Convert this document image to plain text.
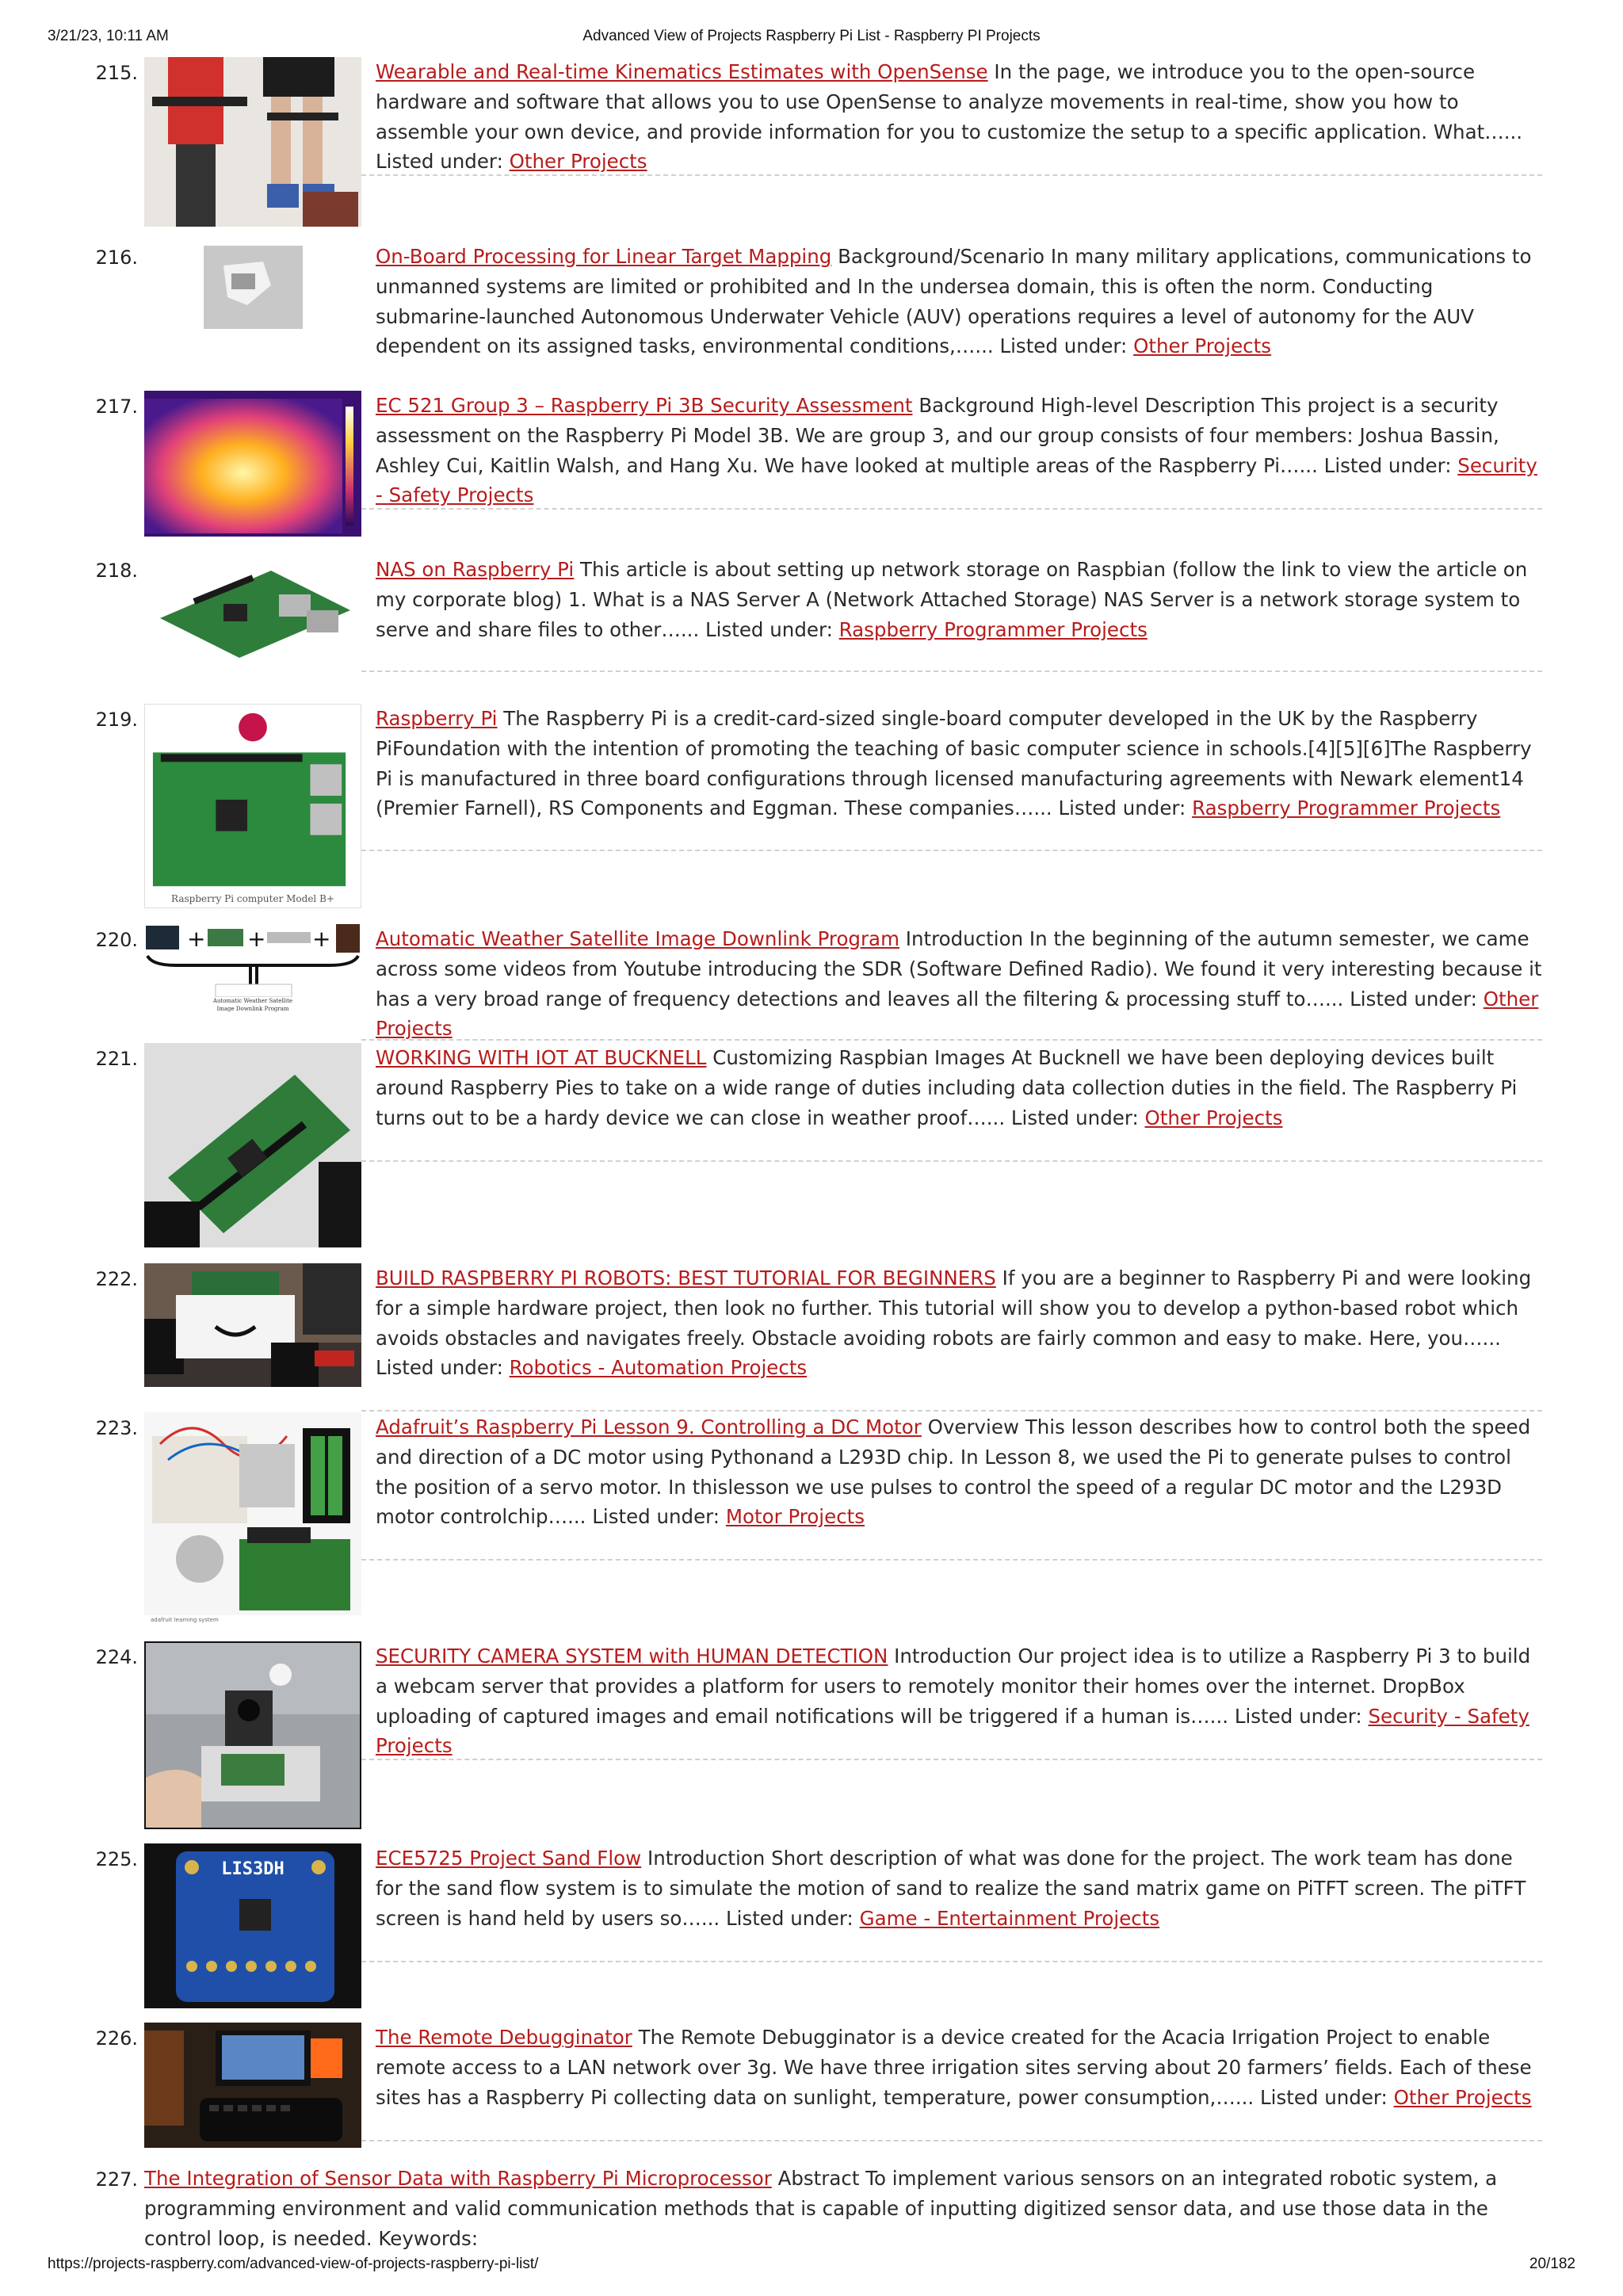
3/21/23, 10:11 AM	Advanced View of Projects Raspberry Pi List - Raspberry PI Projects
215.	Wearable and Real-time Kinematics Estimates with OpenSense In the page, we introduce you to the open-source hardware and software that allows you to use OpenSense to analyze movements in real-time, show you how to assemble your own device, and provide information for you to customize the setup to a specific application. What…... Listed under: Other Projects
216.	On-Board Processing for Linear Target Mapping Background/Scenario In many military applications, communications to unmanned systems are limited or prohibited and In the undersea domain, this is often the norm. Conducting submarine-launched Autonomous Underwater Vehicle (AUV) operations requires a level of autonomy for the AUV dependent on its assigned tasks, environmental conditions,…... Listed under: Other Projects
217.	EC 521 Group 3 – Raspberry Pi 3B Security Assessment Background High-level Description This project is a security assessment on the Raspberry Pi Model 3B. We are group 3, and our group consists of four members: Joshua Bassin, Ashley Cui, Kaitlin Walsh, and Hang Xu. We have looked at multiple areas of the Raspberry Pi…... Listed under: Security - Safety Projects
218.	NAS on Raspberry Pi This article is about setting up network storage on Raspbian (follow the link to view the article on my corporate blog) 1. What is a NAS Server A (Network Attached Storage) NAS Server is a network storage system to serve and share files to other…... Listed under: Raspberry Programmer Projects
219.
Raspberry Pi computer Model B+
Raspberry Pi The Raspberry Pi is a credit-card-sized single-board computer developed in the UK by the Raspberry PiFoundation with the intention of promoting the teaching of basic computer science in schools.[4][5][6]The Raspberry Pi is manufactured in three board configurations through licensed manufacturing agreements with Newark element14 (Premier Farnell), RS Components and Eggman. These companies…... Listed under: Raspberry Programmer Projects
220. + + +
Automatic Weather Satellite Image Downlink Program
Automatic Weather Satellite Image Downlink Program Introduction In the beginning of the autumn semester, we came across some videos from Youtube introducing the SDR (Software Defined Radio). We found it very interesting because it has a very broad range of frequency detections and leaves all the filtering & processing stuff to…... Listed under: Other Projects
221.	WORKING WITH IOT AT BUCKNELL Customizing Raspbian Images At Bucknell we have been deploying devices built around Raspberry Pies to take on a wide range of duties including data collection duties in the field. The Raspberry Pi turns out to be a hardy device we can close in weather proof…... Listed under: Other Projects
222.	BUILD RASPBERRY PI ROBOTS: BEST TUTORIAL FOR BEGINNERS If you are a beginner to Raspberry Pi and were looking for a simple hardware project, then look no further. This tutorial will show you to develop a python-based robot which avoids obstacles and navigates freely. Obstacle avoiding robots are fairly common and easy to make. Here, you…... Listed under: Robotics - Automation Projects
223.
adafruit learning system
Adafruit’s Raspberry Pi Lesson 9. Controlling a DC Motor Overview This lesson describes how to control both the speed and direction of a DC motor using Pythonand a L293D chip. In Lesson 8, we used the Pi to generate pulses to control the position of a servo motor. In thislesson we use pulses to control the speed of a regular DC motor and the L293D motor controlchip…... Listed under: Motor Projects
224.	SECURITY CAMERA SYSTEM with HUMAN DETECTION Introduction Our project idea is to utilize a Raspberry Pi 3 to build a webcam server that provides a platform for users to remotely monitor their homes over the internet. DropBox uploading of captured images and email notifications will be triggered if a human is…... Listed under: Security - Safety Projects
225.	LIS3DH	ECE5725 Project Sand Flow Introduction Short description of what was done for the project. The work team has done for the sand flow system is to simulate the motion of sand to realize the sand matrix game on PiTFT screen. The piTFT screen is hand held by users so…... Listed under: Game - Entertainment Projects
226.	The Remote Debugginator The Remote Debugginator is a device created for the Acacia Irrigation Project to enable remote access to a LAN network over 3g. We have three irrigation sites serving about 20 farmers’ fields. Each of these sites has a Raspberry Pi collecting data on sunlight, temperature, power consumption,…... Listed under: Other Projects
227. The Integration of Sensor Data with Raspberry Pi Microprocessor Abstract To implement various sensors on an integrated robotic system, a programming environment and valid communication methods that is capable of inputting digitized sensor data, and use those data in the control loop, is needed. Keywords:
https://projects-raspberry.com/advanced-view-of-projects-raspberry-pi-list/	20/182
